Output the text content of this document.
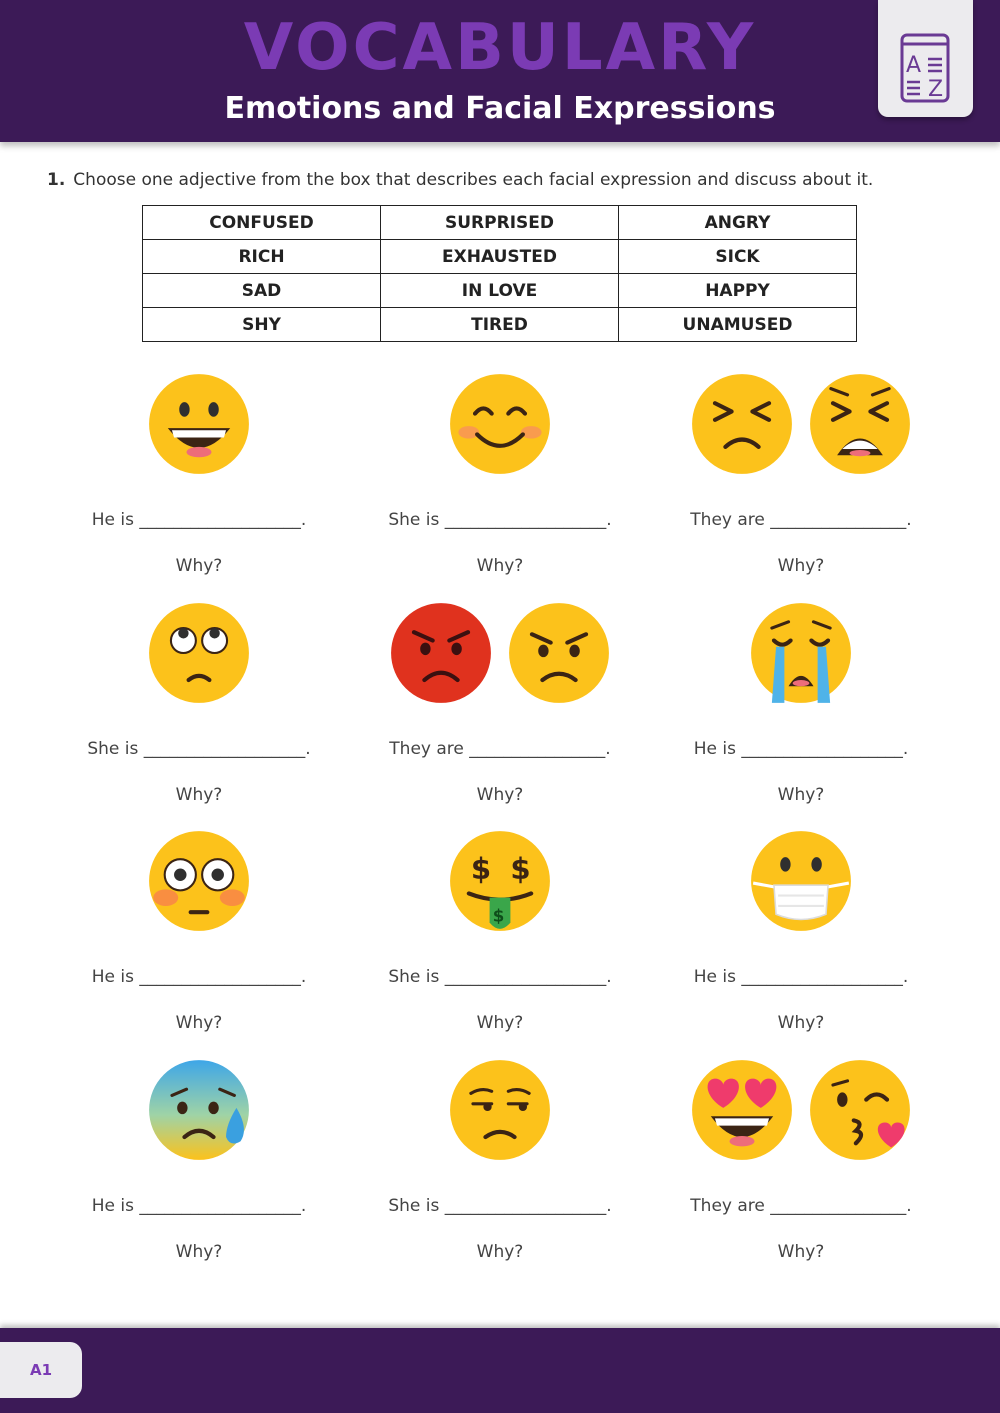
VOCABULARY
Emotions and Facial Expressions
A
Z
1. Choose one adjective from the box that describes each facial expression and discuss about it.
CONFUSED	SURPRISED	ANGRY
RICH	EXHAUSTED	SICK
SAD	IN LOVE	HAPPY
SHY	TIRED	UNAMUSED
He is ___________________.
Why?
She is ___________________.
Why?

They are ________________.
Why?
She is ___________________.
Why?

They are ________________.
Why?
He is ___________________.
Why?
He is ___________________.
Why?
$ $
$
She is ___________________.
Why?
He is ___________________.
Why?
He is ___________________.
Why?
She is ___________________.
Why?

They are ________________.
Why?
A1
